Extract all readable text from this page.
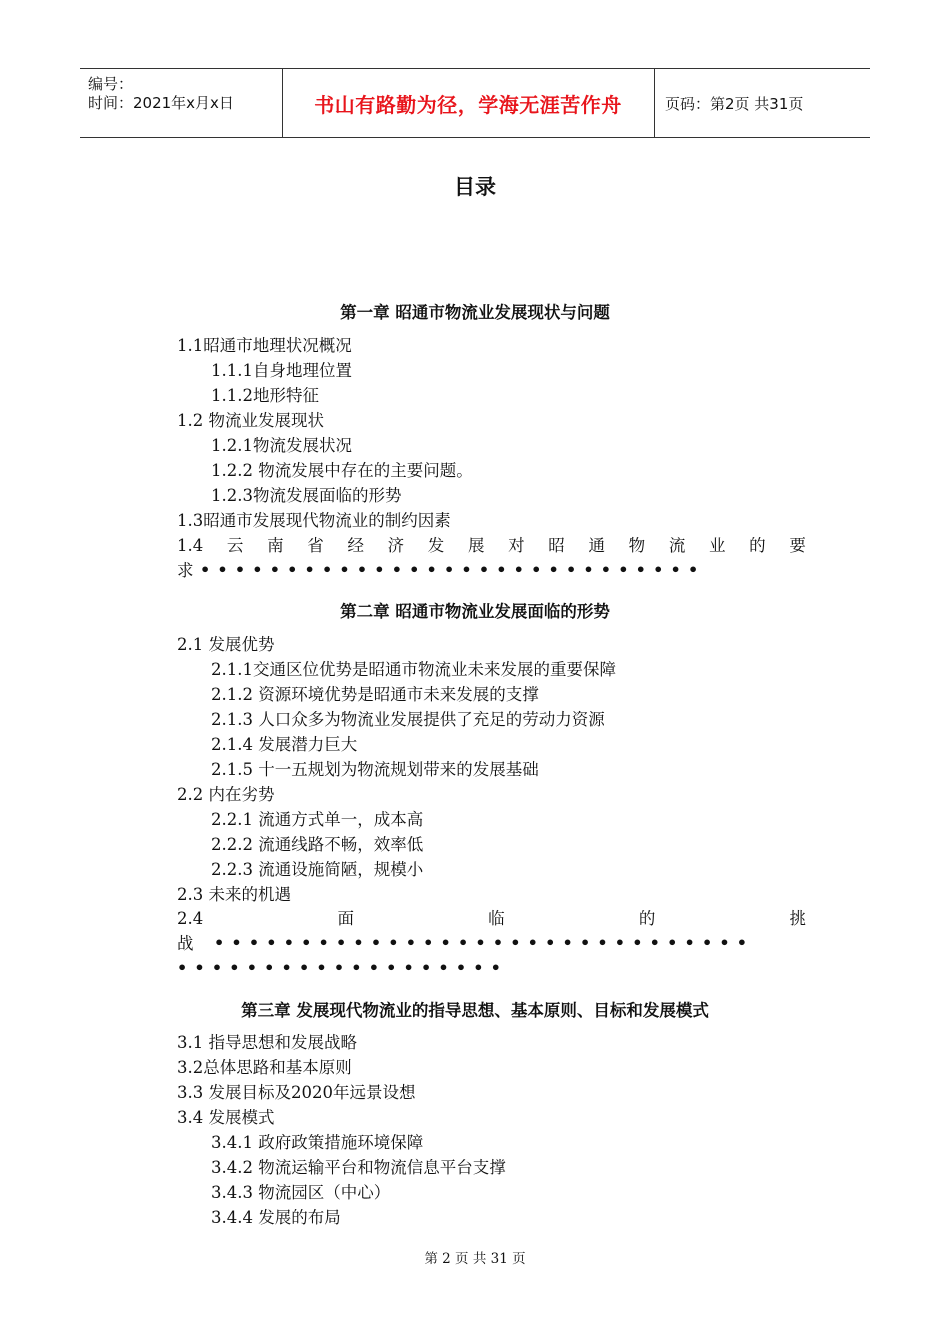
编号：
时间：2021年x月x日	书山有路勤为径，学海无涯苦作舟	页码：第2页 共31页
目录
第一章 昭通市物流业发展现状与问题
1.1昭通市地理状况概况
1.1.1自身地理位置
1.1.2地形特征
1.2 物流业发展现状
1.2.1物流发展状况
1.2.2 物流发展中存在的主要问题。
1.2.3物流发展面临的形势
1.3昭通市发展现代物流业的制约因素
1.4 云 南 省 经 济 发 展 对 昭 通 物 流 业 的 要
求 •••••••••••••••••••••••••••••
第二章 昭通市物流业发展面临的形势
2.1 发展优势
2.1.1交通区位优势是昭通市物流业未来发展的重要保障
2.1.2 资源环境优势是昭通市未来发展的支撑
2.1.3 人口众多为物流业发展提供了充足的劳动力资源
2.1.4 发展潜力巨大
2.1.5 十一五规划为物流规划带来的发展基础
2.2 内在劣势
2.2.1 流通方式单一，成本高
2.2.2 流通线路不畅，效率低
2.2.3 流通设施简陋，规模小
2.3 未来的机遇
2.4	面	临	的	挑
战 •••••••••••••••••••••••••••••••
•••••••••••••••••••
第三章 发展现代物流业的指导思想、基本原则、目标和发展模式
3.1 指导思想和发展战略
3.2总体思路和基本原则
3.3 发展目标及2020年远景设想
3.4 发展模式
3.4.1 政府政策措施环境保障
3.4.2 物流运输平台和物流信息平台支撑
3.4.3 物流园区（中心）
3.4.4 发展的布局
第 2 页 共 31 页
